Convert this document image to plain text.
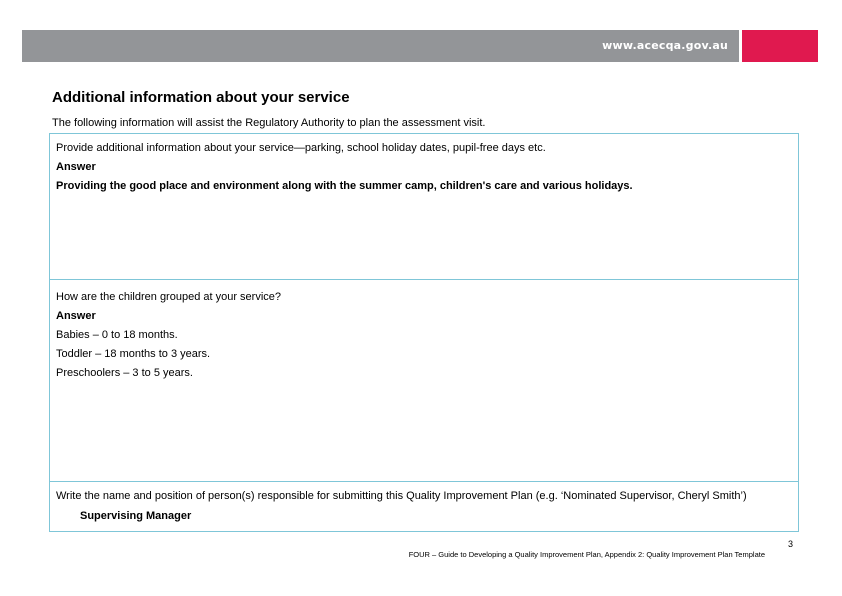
www.acecqa.gov.au
Additional information about your service

The following information will assist the Regulatory Authority to plan the assessment visit.

Provide additional information about your service—parking, school holiday dates, pupil-free days etc.

Answer

Providing the good place and environment along with the summer camp, children's care and various holidays.

How are the children grouped at your service?

Answer

Babies – 0 to 18 months.

Toddler – 18 months to 3 years.

Preschoolers – 3 to 5 years.

Write the name and position of person(s) responsible for submitting this Quality Improvement Plan (e.g. ‘Nominated Supervisor, Cheryl Smith’)

Supervising Manager

3
FOUR – Guide to Developing a Quality Improvement Plan, Appendix 2: Quality Improvement Plan Template
